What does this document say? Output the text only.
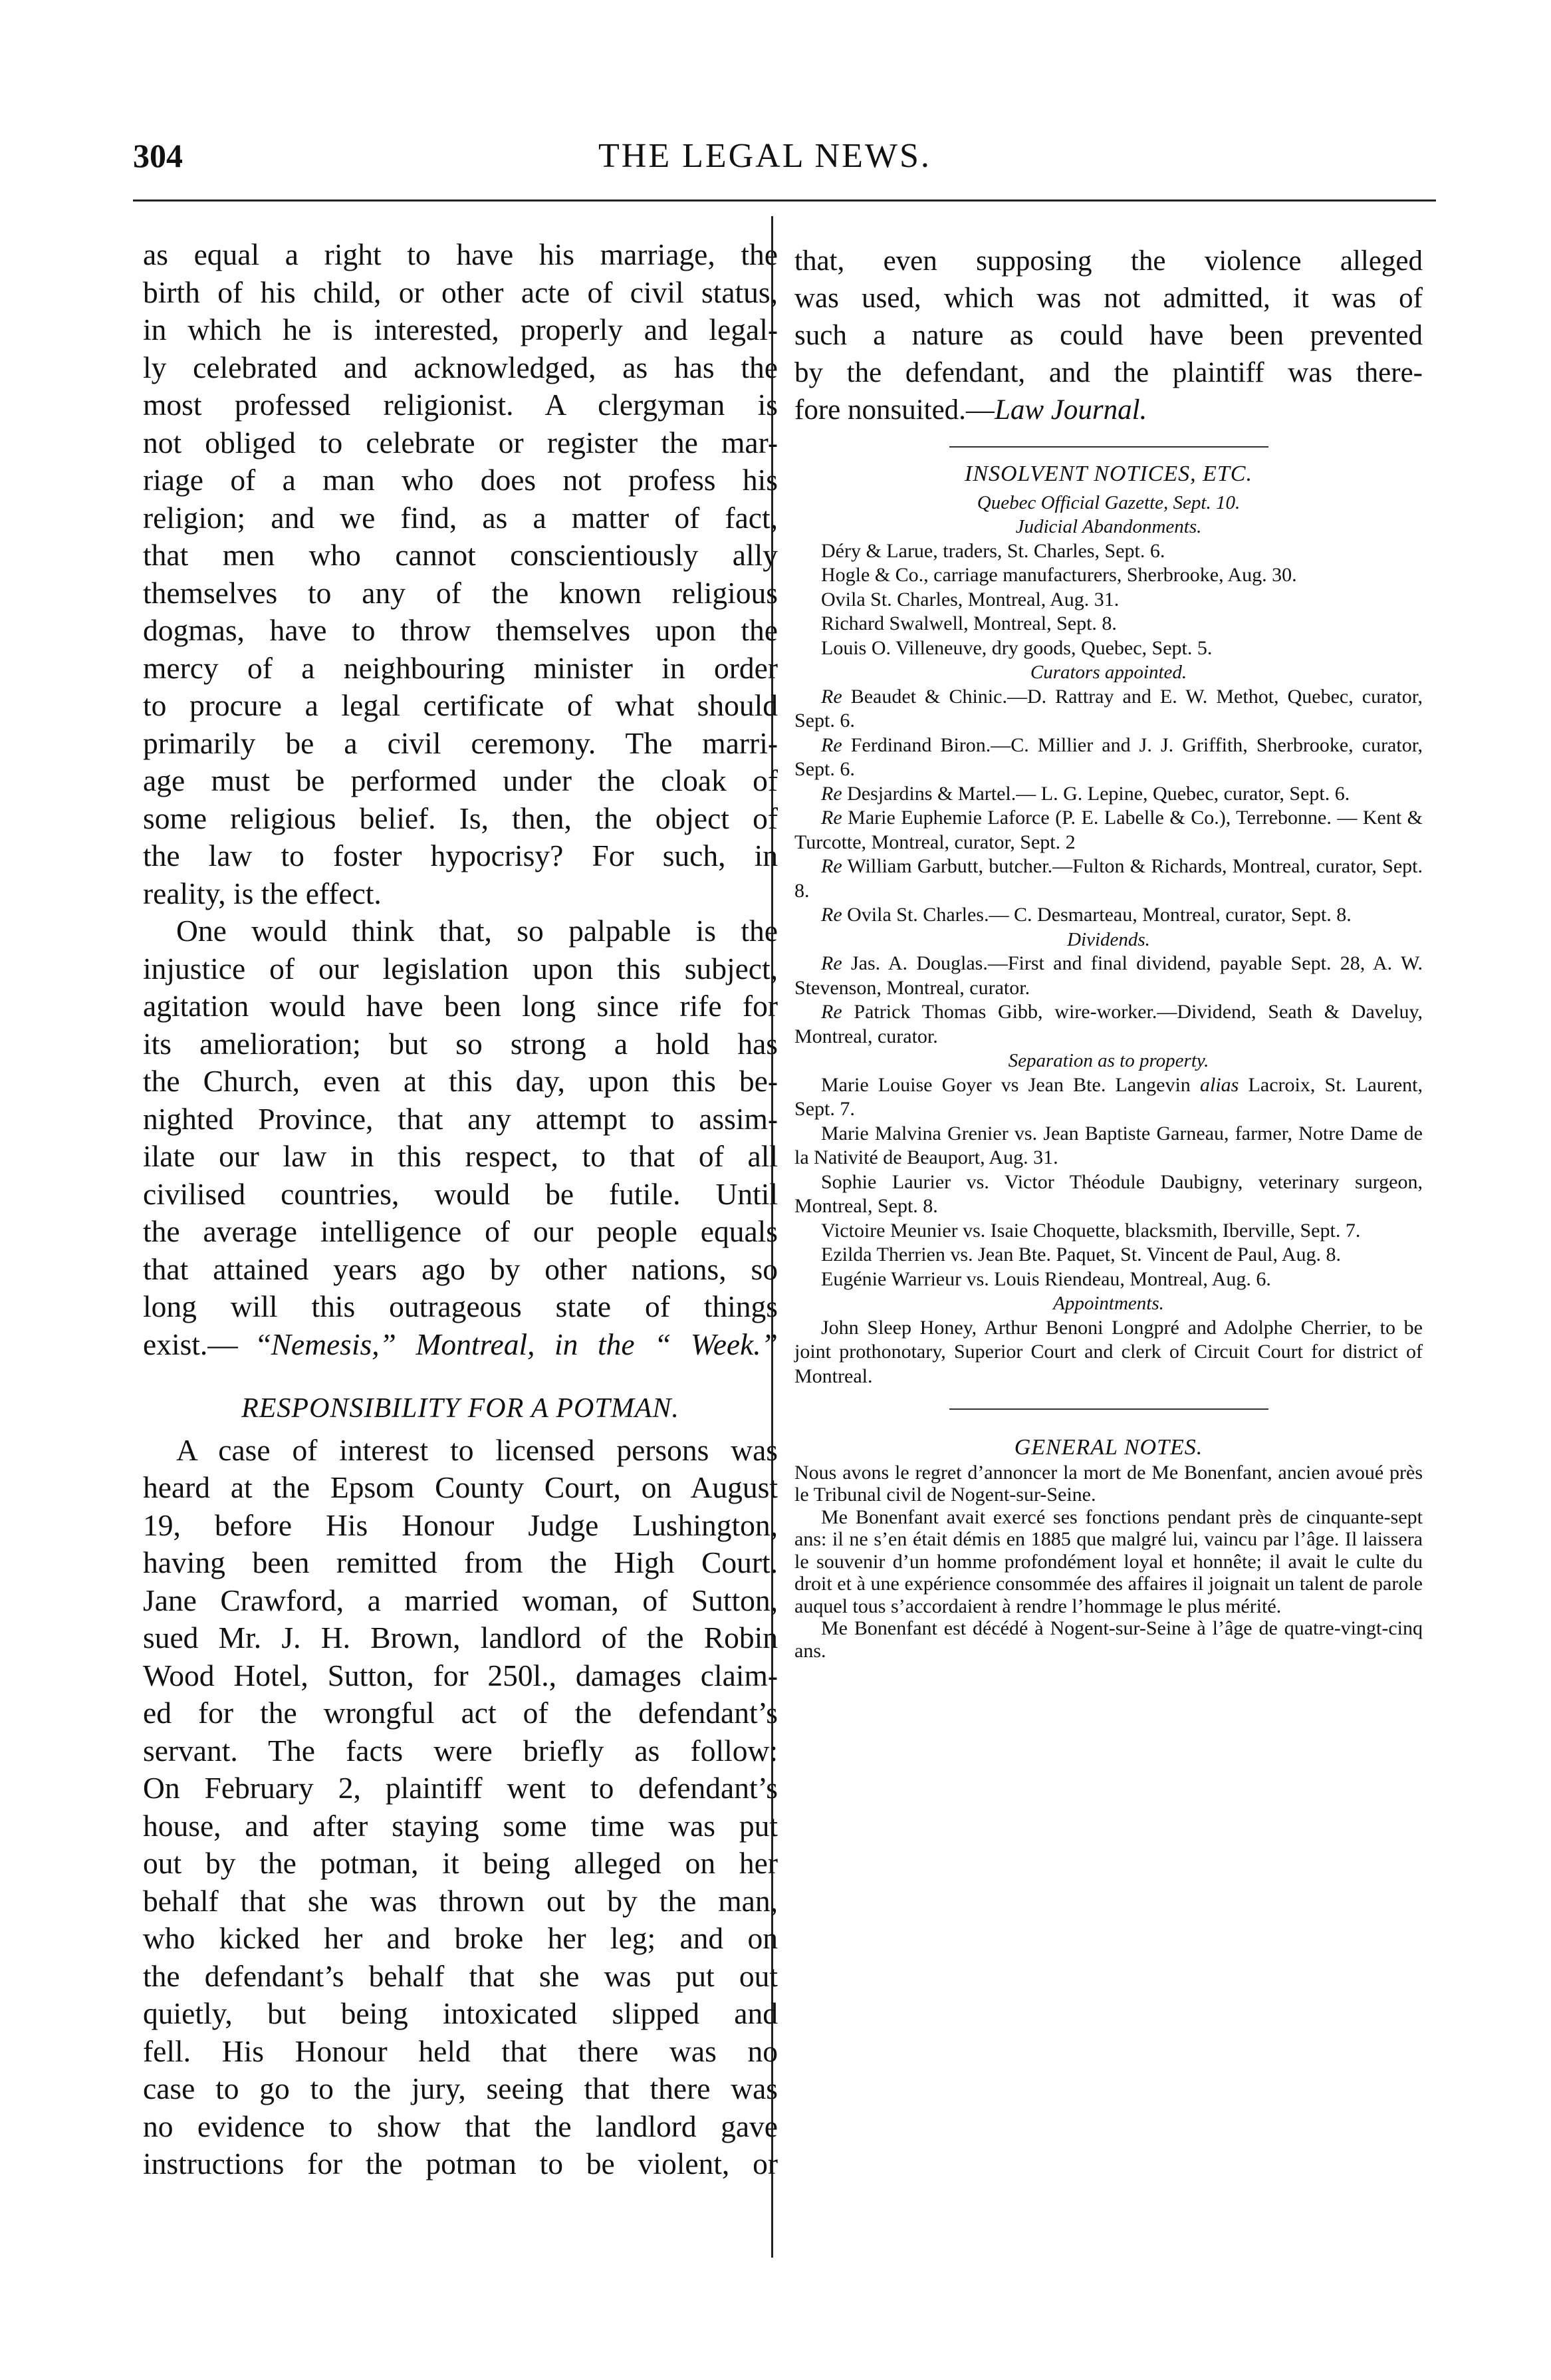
304	THE LEGAL NEWS.
as equal a right to have his marriage, the
birth of his child, or other acte of civil status,
in which he is interested, properly and legal-
ly celebrated and acknowledged, as has the
most professed religionist. A clergyman is
not obliged to celebrate or register the mar-
riage of a man who does not profess his
religion; and we find, as a matter of fact,
that men who cannot conscientiously ally
themselves to any of the known religious
dogmas, have to throw themselves upon the
mercy of a neighbouring minister in order
to procure a legal certificate of what should
primarily be a civil ceremony. The marri-
age must be performed under the cloak of
some religious belief. Is, then, the object of
the law to foster hypocrisy? For such, in
reality, is the effect.
One would think that, so palpable is the
injustice of our legislation upon this subject,
agitation would have been long since rife for
its amelioration; but so strong a hold has
the Church, even at this day, upon this be-
nighted Province, that any attempt to assim-
ilate our law in this respect, to that of all
civilised countries, would be futile. Until
the average intelligence of our people equals
that attained years ago by other nations, so
long will this outrageous state of things
exist.— “Nemesis,” Montreal, in the “ Week.”
RESPONSIBILITY FOR A POTMAN.
A case of interest to licensed persons was
heard at the Epsom County Court, on August
19, before His Honour Judge Lushington,
having been remitted from the High Court.
Jane Crawford, a married woman, of Sutton,
sued Mr. J. H. Brown, landlord of the Robin
Wood Hotel, Sutton, for 250l., damages claim-
ed for the wrongful act of the defendant’s
servant. The facts were briefly as follow:
On February 2, plaintiff went to defendant’s
house, and after staying some time was put
out by the potman, it being alleged on her
behalf that she was thrown out by the man,
who kicked her and broke her leg; and on
the defendant’s behalf that she was put out
quietly, but being intoxicated slipped and
fell. His Honour held that there was no
case to go to the jury, seeing that there was
no evidence to show that the landlord gave
instructions for the potman to be violent, or
that, even supposing the violence alleged
was used, which was not admitted, it was of
such a nature as could have been prevented
by the defendant, and the plaintiff was there-
fore nonsuited.—Law Journal.
INSOLVENT NOTICES, ETC.
Quebec Official Gazette, Sept. 10.
Judicial Abandonments.
Déry & Larue, traders, St. Charles, Sept. 6.
Hogle & Co., carriage manufacturers, Sherbrooke, Aug. 30.
Ovila St. Charles, Montreal, Aug. 31.
Richard Swalwell, Montreal, Sept. 8.
Louis O. Villeneuve, dry goods, Quebec, Sept. 5.
Curators appointed.
Re Beaudet & Chinic.—D. Rattray and E. W. Methot, Quebec, curator, Sept. 6.
Re Ferdinand Biron.—C. Millier and J. J. Griffith, Sherbrooke, curator, Sept. 6.
Re Desjardins & Martel.— L. G. Lepine, Quebec, curator, Sept. 6.
Re Marie Euphemie Laforce (P. E. Labelle & Co.), Terrebonne. — Kent & Turcotte, Montreal, curator, Sept. 2
Re William Garbutt, butcher.—Fulton & Richards, Montreal, curator, Sept. 8.
Re Ovila St. Charles.— C. Desmarteau, Montreal, curator, Sept. 8.
Dividends.
Re Jas. A. Douglas.—First and final dividend, payable Sept. 28, A. W. Stevenson, Montreal, curator.
Re Patrick Thomas Gibb, wire-worker.—Dividend, Seath & Daveluy, Montreal, curator.
Separation as to property.
Marie Louise Goyer vs Jean Bte. Langevin alias Lacroix, St. Laurent, Sept. 7.
Marie Malvina Grenier vs. Jean Baptiste Garneau, farmer, Notre Dame de la Nativité de Beauport, Aug. 31.
Sophie Laurier vs. Victor Théodule Daubigny, veterinary surgeon, Montreal, Sept. 8.
Victoire Meunier vs. Isaie Choquette, blacksmith, Iberville, Sept. 7.
Ezilda Therrien vs. Jean Bte. Paquet, St. Vincent de Paul, Aug. 8.
Eugénie Warrieur vs. Louis Riendeau, Montreal, Aug. 6.
Appointments.
John Sleep Honey, Arthur Benoni Longpré and Adolphe Cherrier, to be joint prothonotary, Superior Court and clerk of Circuit Court for district of Montreal.
GENERAL NOTES.
Nous avons le regret d’annoncer la mort de Me Bonenfant, ancien avoué près le Tribunal civil de Nogent-sur-Seine.
Me Bonenfant avait exercé ses fonctions pendant près de cinquante-sept ans: il ne s’en était démis en 1885 que malgré lui, vaincu par l’âge. Il laissera le souvenir d’un homme profondément loyal et honnête; il avait le culte du droit et à une expérience consommée des affaires il joignait un talent de parole auquel tous s’accordaient à rendre l’hommage le plus mérité.
Me Bonenfant est décédé à Nogent-sur-Seine à l’âge de quatre-vingt-cinq ans.
